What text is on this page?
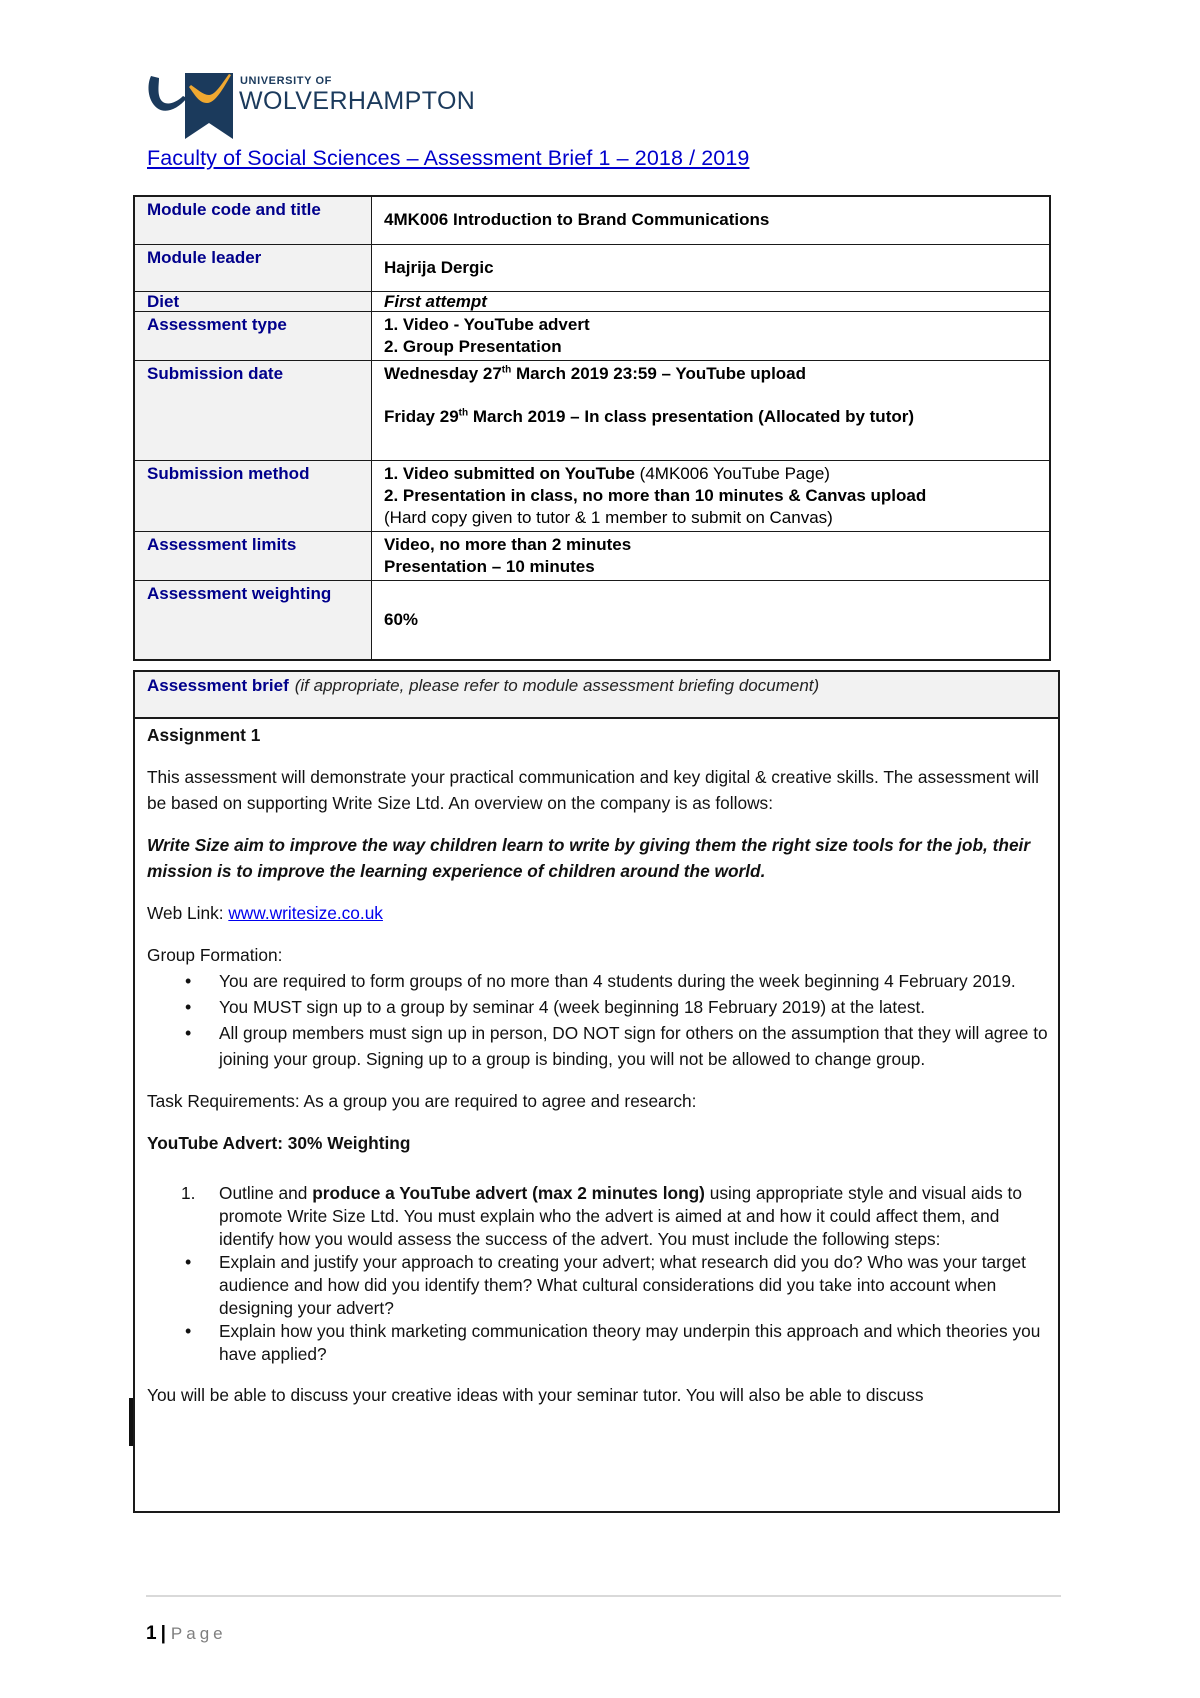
UNIVERSITY OF
WOLVERHAMPTON
Faculty of Social Sciences – Assessment Brief 1 – 2018 / 2019
Module code and title	4MK006 Introduction to Brand Communications
Module leader	Hajrija Dergic
Diet	First attempt
Assessment type	1. Video - YouTube advert
2. Group Presentation

Submission date	Wednesday 27th March 2019 23:59 – YouTube upload
Friday 29th March 2019 – In class presentation (Allocated by tutor)

Submission method	1. Video submitted on YouTube (4MK006 YouTube Page)
2. Presentation in class, no more than 10 minutes & Canvas upload
(Hard copy given to tutor & 1 member to submit on Canvas)

Assessment limits	Video, no more than 2 minutes
Presentation – 10 minutes

Assessment weighting	60%
Assessment brief (if appropriate, please refer to module assessment briefing document)

Assignment 1

This assessment will demonstrate your practical communication and key digital & creative skills. The assessment will be based on supporting Write Size Ltd. An overview on the company is as follows:

Write Size aim to improve the way children learn to write by giving them the right size tools for the job, their mission is to improve the learning experience of children around the world.

Web Link: www.writesize.co.uk

Group Formation:

• You are required to form groups of no more than 4 students during the week beginning 4 February 2019.

• You MUST sign up to a group by seminar 4 (week beginning 18 February 2019) at the latest.

• All group members must sign up in person, DO NOT sign for others on the assumption that they will agree to joining your group. Signing up to a group is binding, you will not be allowed to change group.

Task Requirements: As a group you are required to agree and research:

YouTube Advert: 30% Weighting

1. Outline and produce a YouTube advert (max 2 minutes long) using appropriate style and visual aids to promote Write Size Ltd. You must explain who the advert is aimed at and how it could affect them, and identify how you would assess the success of the advert. You must include the following steps:

• Explain and justify your approach to creating your advert; what research did you do? Who was your target audience and how did you identify them? What cultural considerations did you take into account when designing your advert?

• Explain how you think marketing communication theory may underpin this approach and which theories you have applied?

You will be able to discuss your creative ideas with your seminar tutor. You will also be able to discuss

1 | Page
